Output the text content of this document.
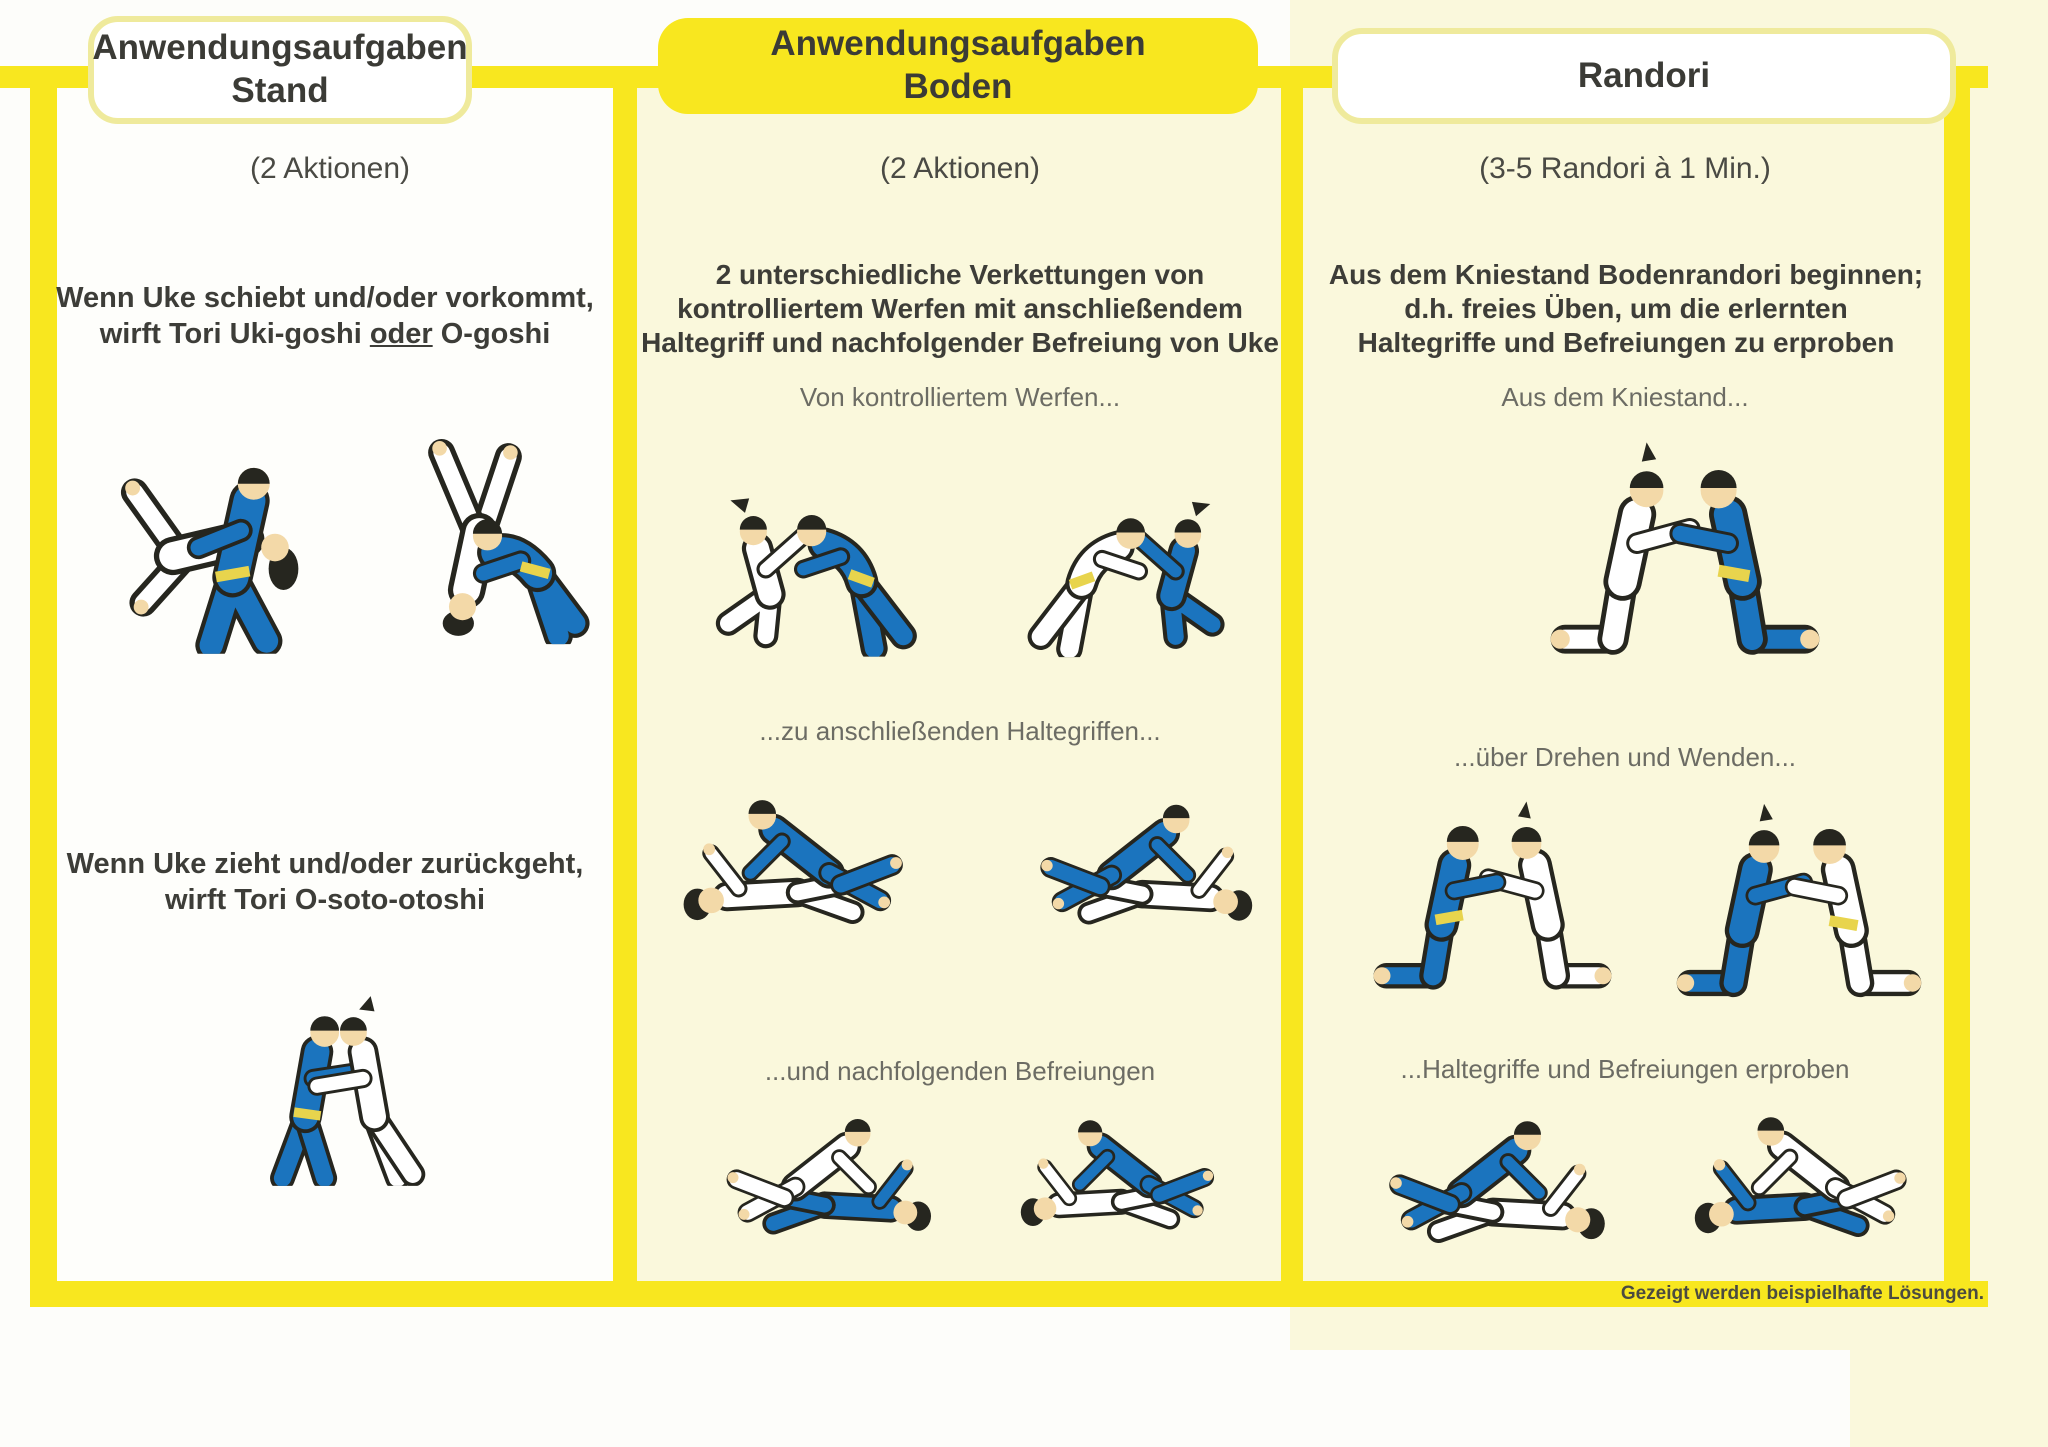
Anwendungsaufgaben
Stand
Anwendungsaufgaben
Boden	Randori
(2 Aktionen)
Wenn Uke schiebt und/oder vorkommt,
wirft Tori Uki-goshi oder O-goshi
Wenn Uke zieht und/oder zurückgeht,
wirft Tori O-soto-otoshi
(2 Aktionen)
2 unterschiedliche Verkettungen von
kontrolliertem Werfen mit anschließendem
Haltegriff und nachfolgender Befreiung von Uke
Von kontrolliertem Werfen...
...zu anschließenden Haltegriffen...
...und nachfolgenden Befreiungen
(3-5 Randori à 1 Min.)
Aus dem Kniestand Bodenrandori beginnen;
d.h. freies Üben, um die erlernten
Haltegriffe und Befreiungen zu erproben
Aus dem Kniestand...
...über Drehen und Wenden...
...Haltegriffe und Befreiungen erproben
Gezeigt werden beispielhafte Lösungen.
